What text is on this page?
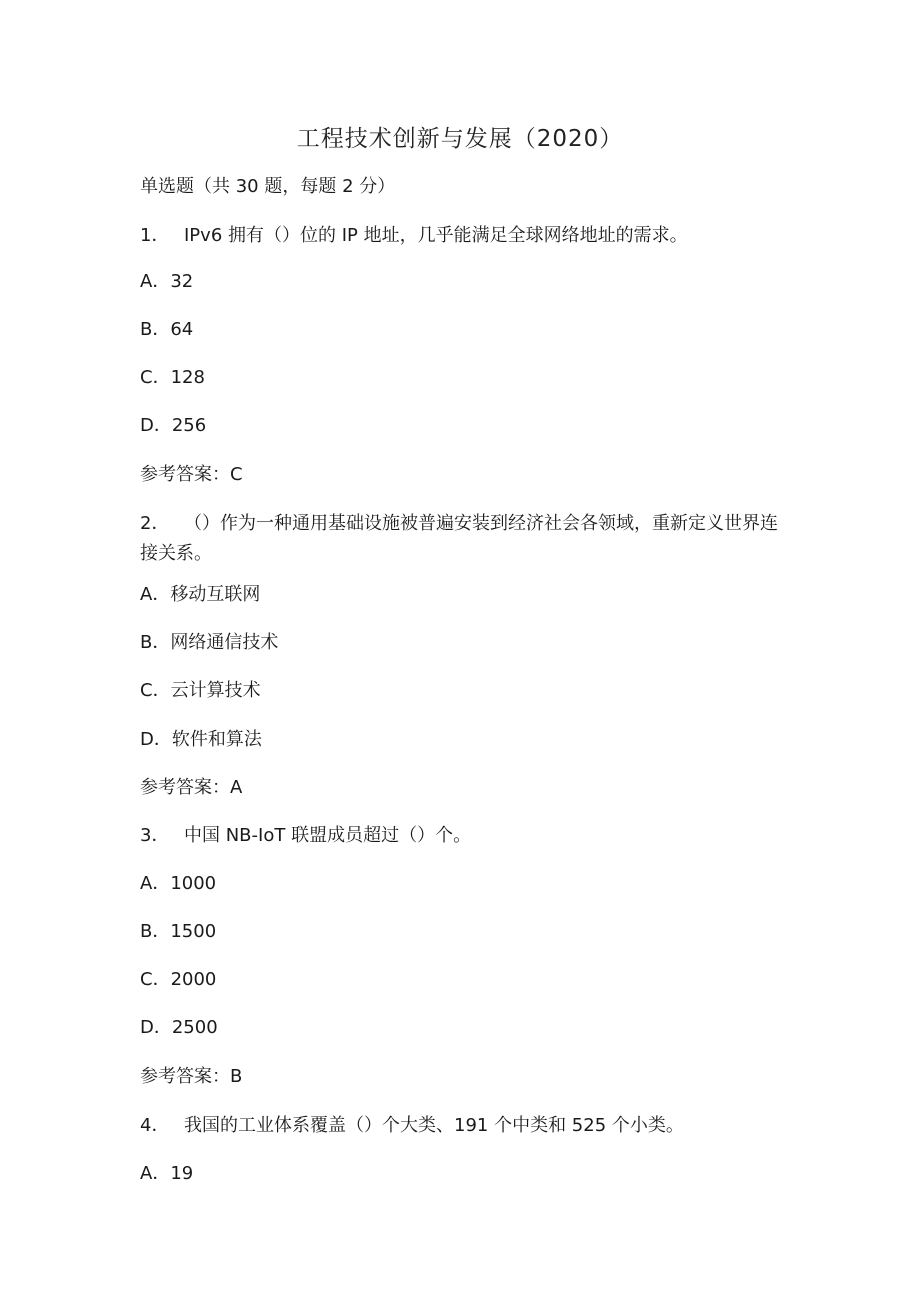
工程技术创新与发展（2020）
单选题（共 30 题，每题 2 分）
1． IPv6 拥有（）位的 IP 地址，几乎能满足全球网络地址的需求。
A．32
B．64
C．128
D．256
参考答案：C
2． （）作为一种通用基础设施被普遍安装到经济社会各领域，重新定义世界连接关系。
A．移动互联网
B．网络通信技术
C．云计算技术
D．软件和算法
参考答案：A
3． 中国 NB-IoT 联盟成员超过（）个。
A．1000
B．1500
C．2000
D．2500
参考答案：B
4． 我国的工业体系覆盖（）个大类、191 个中类和 525 个小类。
A．19
